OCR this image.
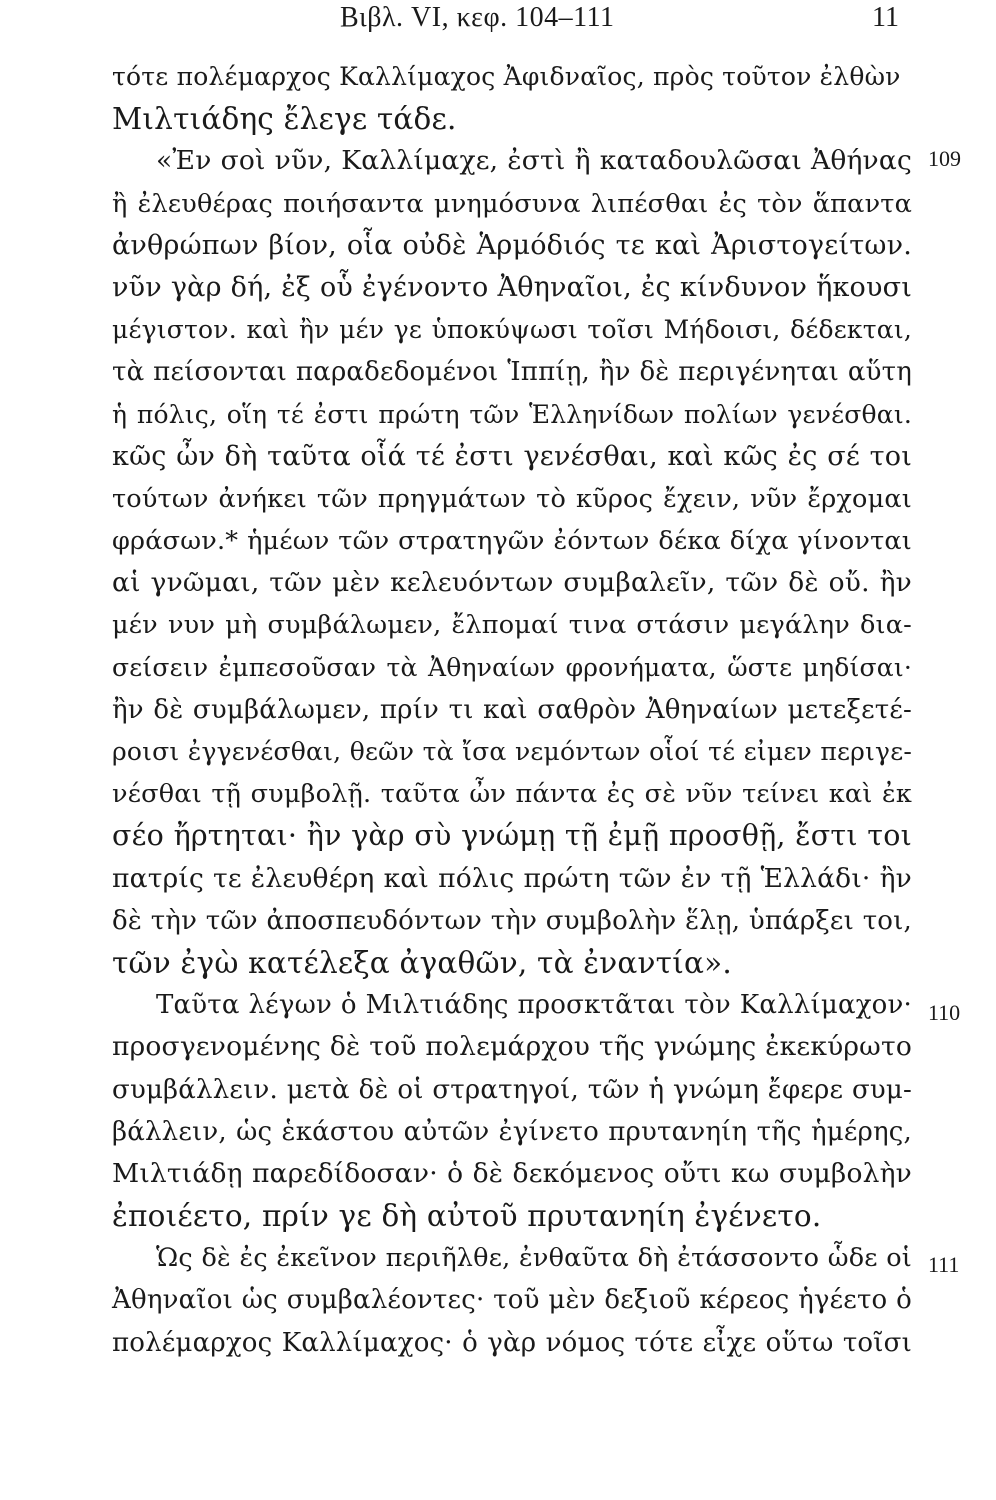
Βιβλ. VI, κεφ. 104–111	11
τότε πολέμαρχος Καλλίμαχος Ἀφιδναῖος, πρὸς τοῦτον ἐλθὼν
Μιλτιάδης ἔλεγε τάδε.
«Ἐν σοὶ νῦν, Καλλίμαχε, ἐστὶ ἢ καταδουλῶσαι Ἀθήνας
ἢ ἐλευθέρας ποιήσαντα μνημόσυνα λιπέσθαι ἐς τὸν ἅπαντα
ἀνθρώπων βίον, οἷα οὐδὲ Ἁρμόδιός τε καὶ Ἀριστογείτων.
νῦν γὰρ δή, ἐξ οὗ ἐγένοντο Ἀθηναῖοι, ἐς κίνδυνον ἥκουσι
μέγιστον. καὶ ἢν μέν γε ὑποκύψωσι τοῖσι Μήδοισι, δέδεκται,
τὰ πείσονται παραδεδομένοι Ἱππίῃ, ἢν δὲ περιγένηται αὕτη
ἡ πόλις, οἵη τέ ἐστι πρώτη τῶν Ἑλληνίδων πολίων γενέσθαι.
κῶς ὦν δὴ ταῦτα οἷά τέ ἐστι γενέσθαι, καὶ κῶς ἐς σέ τοι
τούτων ἀνήκει τῶν πρηγμάτων τὸ κῦρος ἔχειν, νῦν ἔρχομαι
φράσων.* ἡμέων τῶν στρατηγῶν ἐόντων δέκα δίχα γίνονται
αἱ γνῶμαι, τῶν μὲν κελευόντων συμβαλεῖν, τῶν δὲ οὔ. ἢν
μέν νυν μὴ συμβάλωμεν, ἔλπομαί τινα στάσιν μεγάλην δια-
σείσειν ἐμπεσοῦσαν τὰ Ἀθηναίων φρονήματα, ὥστε μηδίσαι·
ἢν δὲ συμβάλωμεν, πρίν τι καὶ σαθρὸν Ἀθηναίων μετεξετέ-
ροισι ἐγγενέσθαι, θεῶν τὰ ἴσα νεμόντων οἷοί τέ εἰμεν περιγε-
νέσθαι τῇ συμβολῇ. ταῦτα ὦν πάντα ἐς σὲ νῦν τείνει καὶ ἐκ
σέο ἤρτηται· ἢν γὰρ σὺ γνώμῃ τῇ ἐμῇ προσθῇ, ἔστι τοι
πατρίς τε ἐλευθέρη καὶ πόλις πρώτη τῶν ἐν τῇ Ἑλλάδι· ἢν
δὲ τὴν τῶν ἀποσπευδόντων τὴν συμβολὴν ἕλῃ, ὑπάρξει τοι,
τῶν ἐγὼ κατέλεξα ἀγαθῶν, τὰ ἐναντία».
Ταῦτα λέγων ὁ Μιλτιάδης προσκτᾶται τὸν Καλλίμαχον·
προσγενομένης δὲ τοῦ πολεμάρχου τῆς γνώμης ἐκεκύρωτο
συμβάλλειν. μετὰ δὲ οἱ στρατηγοί, τῶν ἡ γνώμη ἔφερε συμ-
βάλλειν, ὡς ἑκάστου αὐτῶν ἐγίνετο πρυτανηίη τῆς ἡμέρης,
Μιλτιάδῃ παρεδίδοσαν· ὁ δὲ δεκόμενος οὔτι κω συμβολὴν
ἐποιέετο, πρίν γε δὴ αὐτοῦ πρυτανηίη ἐγένετο.
Ὡς δὲ ἐς ἐκεῖνον περιῆλθε, ἐνθαῦτα δὴ ἐτάσσοντο ὧδε οἱ
Ἀθηναῖοι ὡς συμβαλέοντες· τοῦ μὲν δεξιοῦ κέρεος ἡγέετο ὁ
πολέμαρχος Καλλίμαχος· ὁ γὰρ νόμος τότε εἶχε οὕτω τοῖσι
109
110
111
